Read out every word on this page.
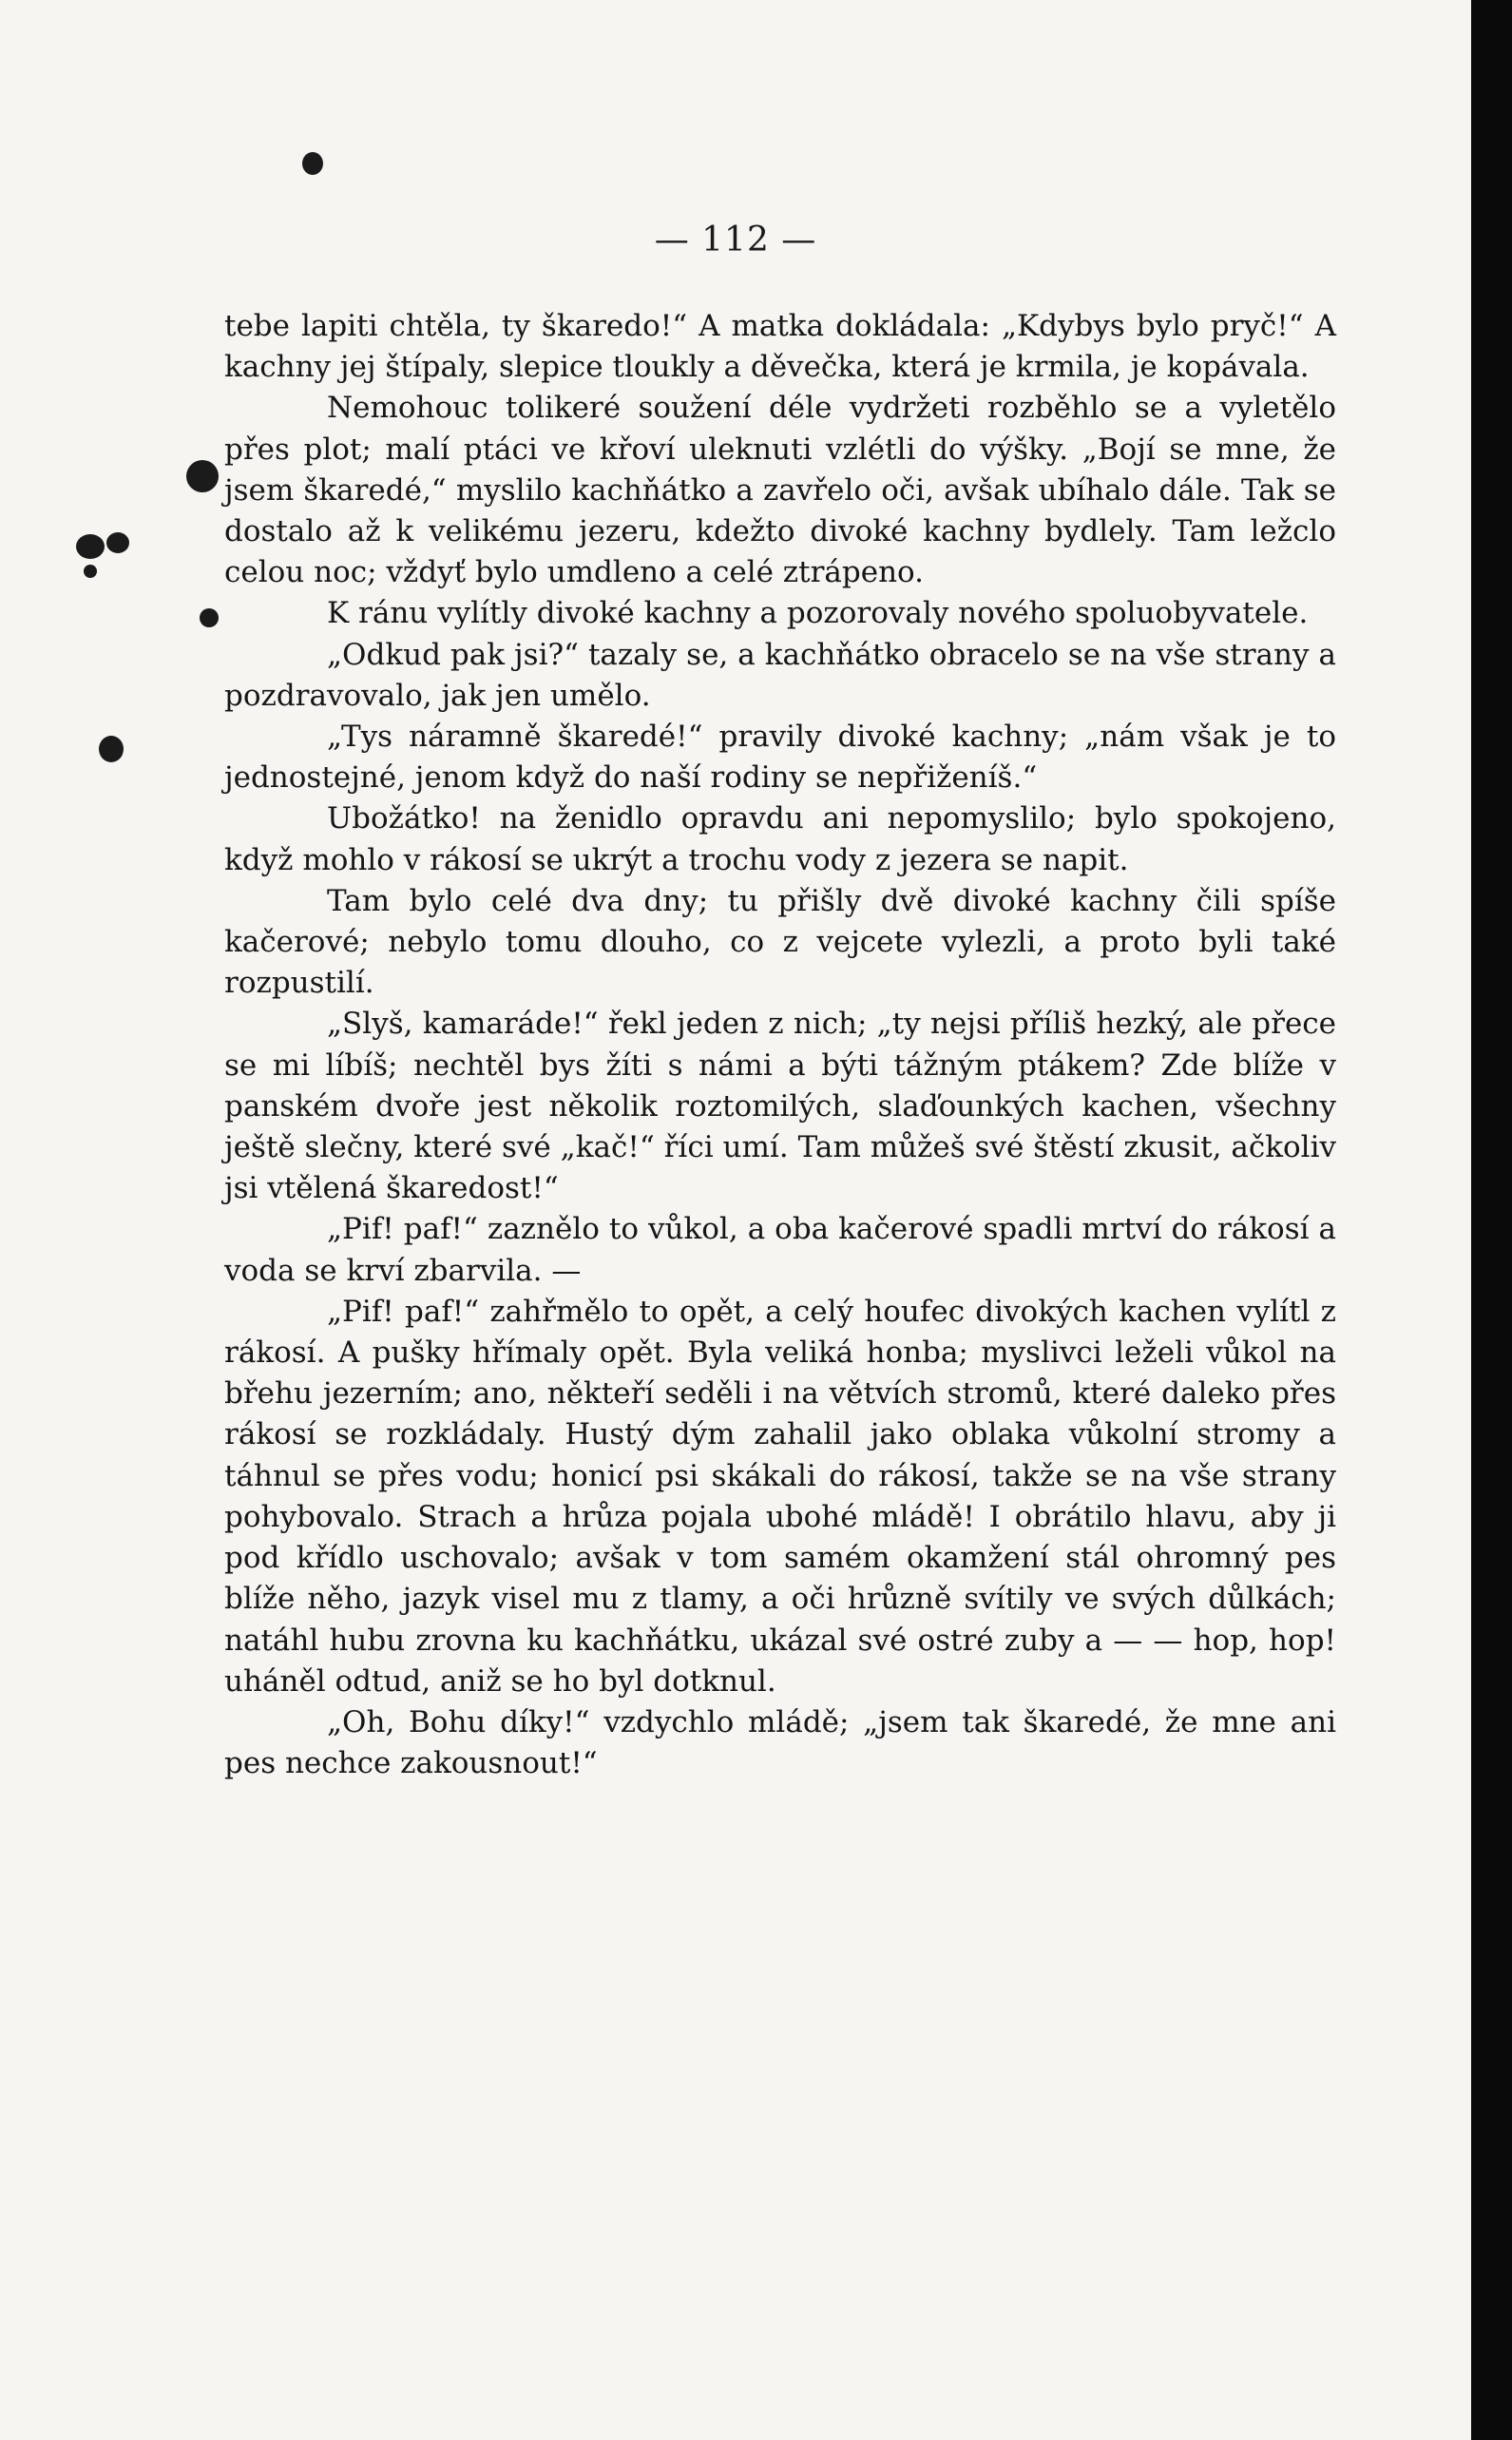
— 112 —

tebe lapiti chtěla, ty škaredo!“ A matka dokládala: „Kdybys bylo pryč!“ A kachny jej štípaly, slepice tloukly a děvečka, která je krmila, je kopávala.

Nemohouc tolikeré soužení déle vydržeti rozběhlo se a vyletělo přes plot; malí ptáci ve křoví uleknuti vzlétli do výšky. „Bojí se mne, že jsem škaredé,“ myslilo kachňátko a zavřelo oči, avšak ubíhalo dále. Tak se dostalo až k velikému jezeru, kdežto divoké kachny bydlely. Tam ležclo celou noc; vždyť bylo umdleno a celé ztrápeno.

K ránu vylítly divoké kachny a pozorovaly nového spoluobyvatele.

„Odkud pak jsi?“ tazaly se, a kachňátko obracelo se na vše strany a pozdravovalo, jak jen umělo.

„Tys náramně škaredé!“ pravily divoké kachny; „nám však je to jednostejné, jenom když do naší rodiny se nepřiženíš.“

Ubožátko! na ženidlo opravdu ani nepomyslilo; bylo spokojeno, když mohlo v rákosí se ukrýt a trochu vody z jezera se napit.

Tam bylo celé dva dny; tu přišly dvě divoké kachny čili spíše kačerové; nebylo tomu dlouho, co z vejcete vylezli, a proto byli také rozpustilí.

„Slyš, kamaráde!“ řekl jeden z nich; „ty nejsi příliš hezký, ale přece se mi líbíš; nechtěl bys žíti s námi a býti tážným ptákem? Zde blíže v panském dvoře jest několik roztomilých, slaďounkých kachen, všechny ještě slečny, které své „kač!“ říci umí. Tam můžeš své štěstí zkusit, ačkoliv jsi vtělená škaredost!“

„Pif! paf!“ zaznělo to vůkol, a oba kačerové spadli mrtví do rákosí a voda se krví zbarvila. —

„Pif! paf!“ zahřmělo to opět, a celý houfec divokých kachen vylítl z rákosí. A pušky hřímaly opět. Byla veliká honba; myslivci leželi vůkol na břehu jezerním; ano, někteří seděli i na větvích stromů, které daleko přes rákosí se rozkládaly. Hustý dým zahalil jako oblaka vůkolní stromy a táhnul se přes vodu; honicí psi skákali do rákosí, takže se na vše strany pohybovalo. Strach a hrůza pojala ubohé mládě! I obrátilo hlavu, aby ji pod křídlo uschovalo; avšak v tom samém okamžení stál ohromný pes blíže něho, jazyk visel mu z tlamy, a oči hrůzně svítily ve svých důlkách; natáhl hubu zrovna ku kachňátku, ukázal své ostré zuby a — — hop, hop! uháněl odtud, aniž se ho byl dotknul.

„Oh, Bohu díky!“ vzdychlo mládě; „jsem tak škaredé, že mne ani pes nechce zakousnout!“
